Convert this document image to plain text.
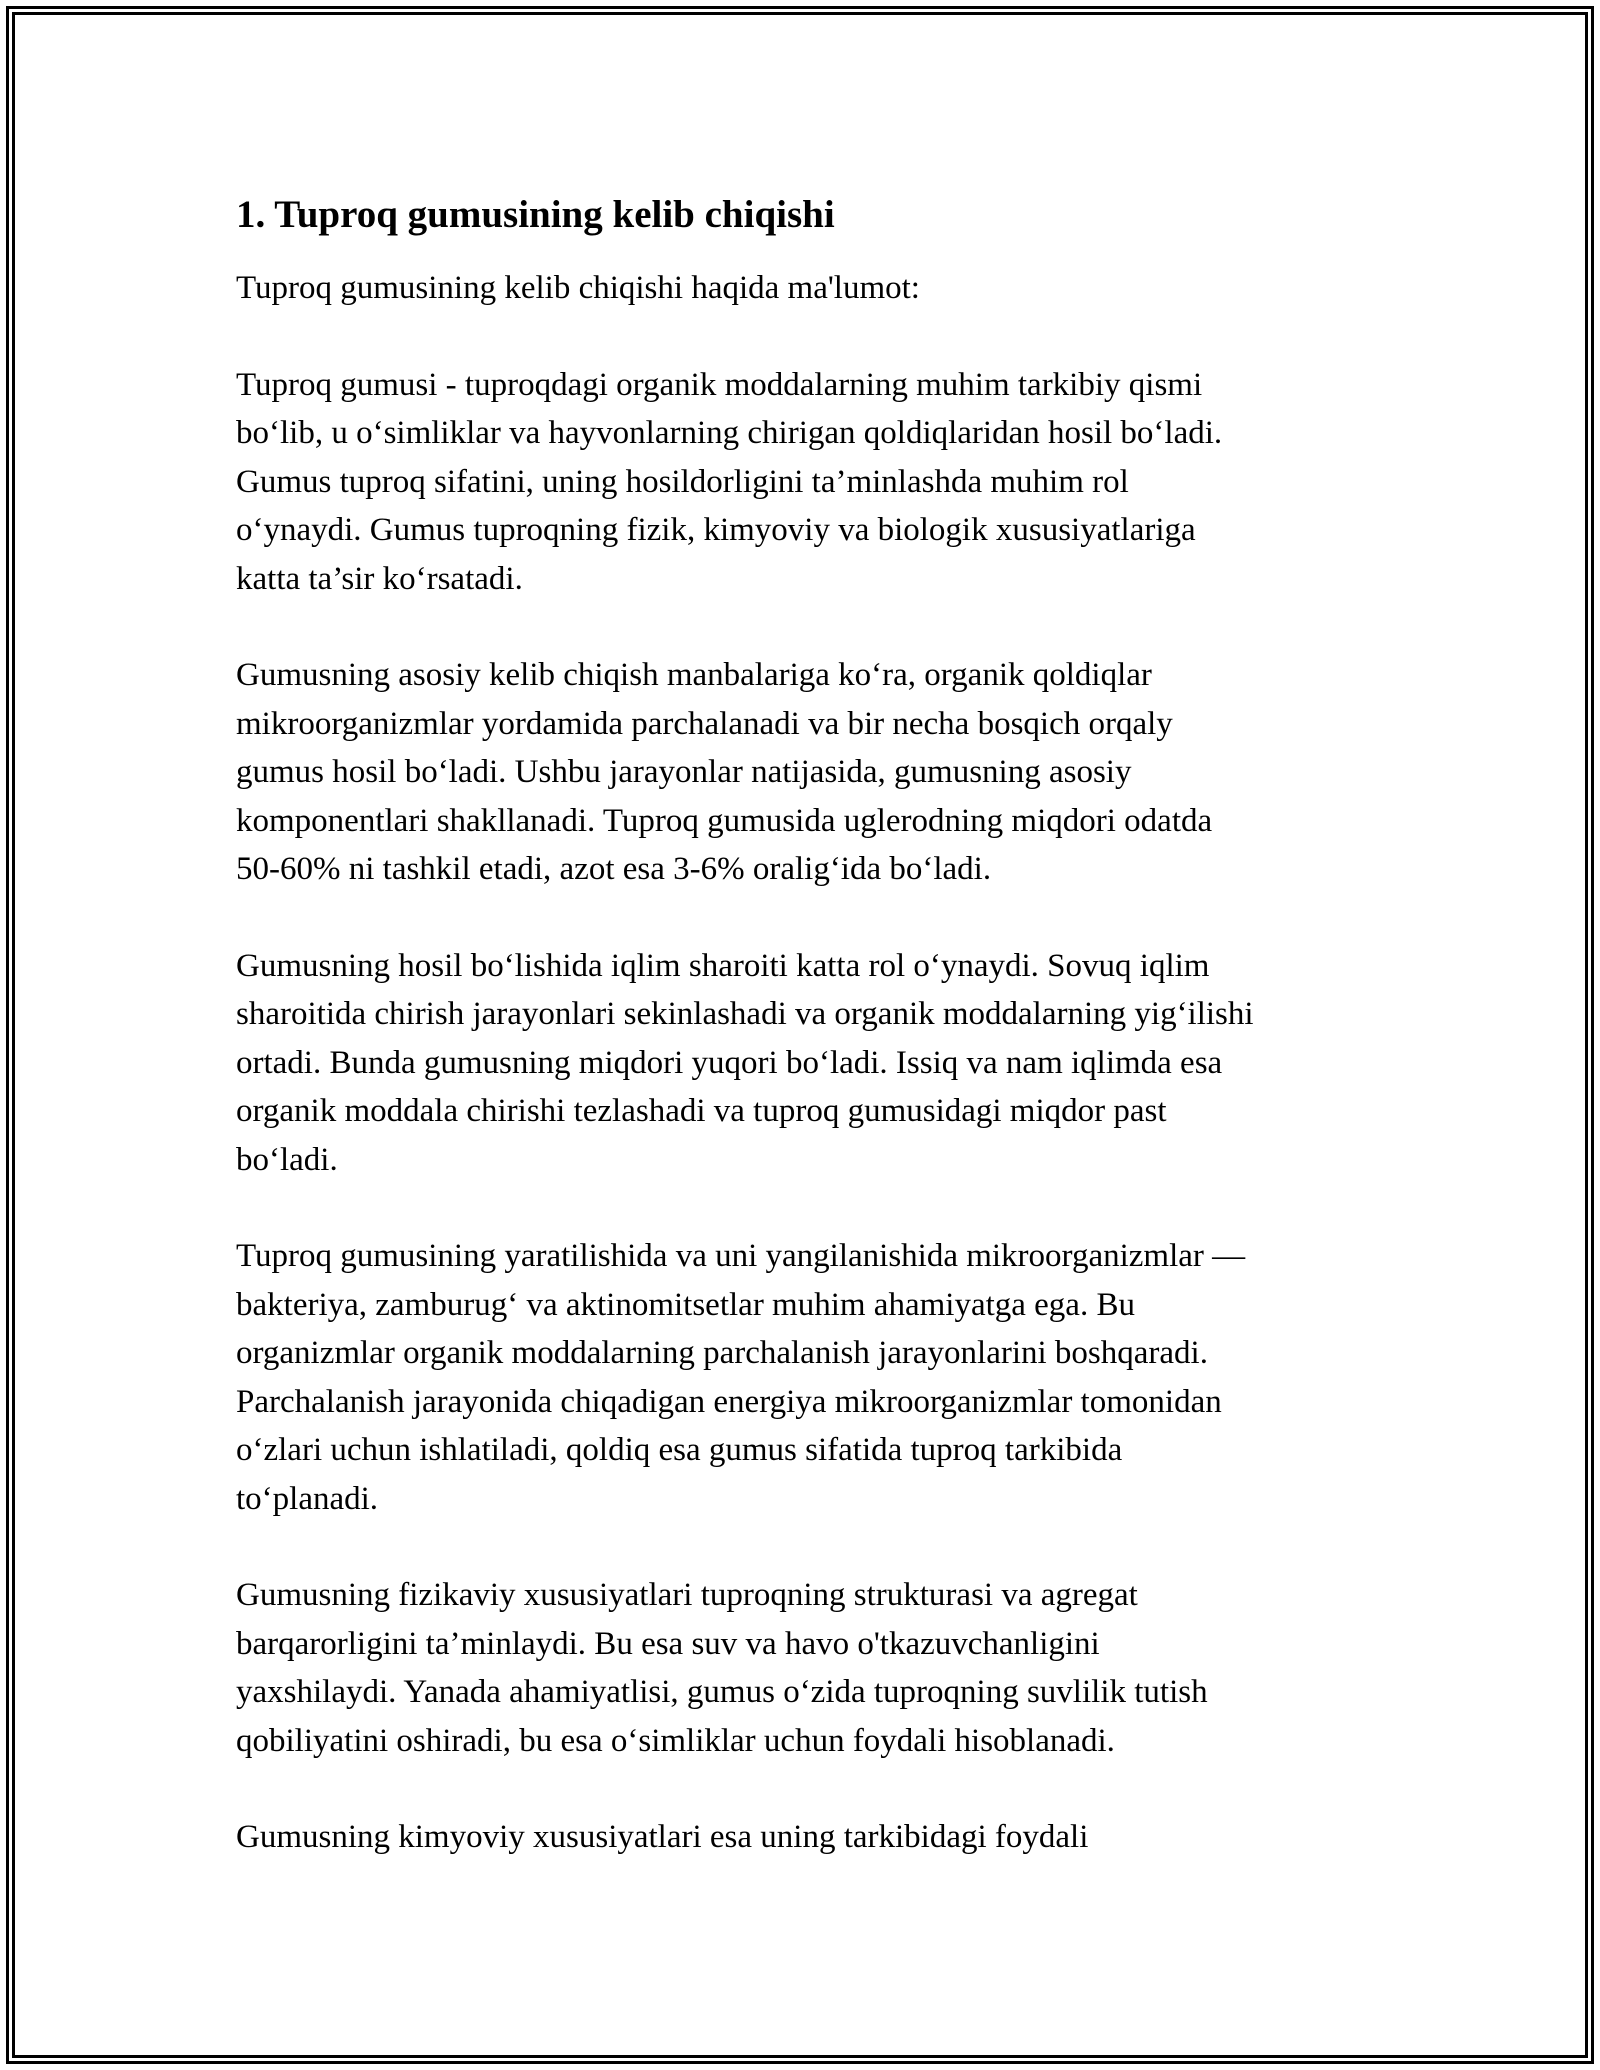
1. Tuproq gumusining kelib chiqishi

Tuproq gumusining kelib chiqishi haqida ma'lumot:

Tuproq gumusi - tuproqdagi organik moddalarning muhim tarkibiy qismi
bo‘lib, u o‘simliklar va hayvonlarning chirigan qoldiqlaridan hosil bo‘ladi.
Gumus tuproq sifatini, uning hosildorligini ta’minlashda muhim rol
o‘ynaydi. Gumus tuproqning fizik, kimyoviy va biologik xususiyatlariga
katta ta’sir ko‘rsatadi.

Gumusning asosiy kelib chiqish manbalariga ko‘ra, organik qoldiqlar
mikroorganizmlar yordamida parchalanadi va bir necha bosqich orqaly
gumus hosil bo‘ladi. Ushbu jarayonlar natijasida, gumusning asosiy
komponentlari shakllanadi. Tuproq gumusida uglerodning miqdori odatda
50-60% ni tashkil etadi, azot esa 3-6% oralig‘ida bo‘ladi.

Gumusning hosil bo‘lishida iqlim sharoiti katta rol o‘ynaydi. Sovuq iqlim
sharoitida chirish jarayonlari sekinlashadi va organik moddalarning yig‘ilishi
ortadi. Bunda gumusning miqdori yuqori bo‘ladi. Issiq va nam iqlimda esa
organik moddala chirishi tezlashadi va tuproq gumusidagi miqdor past
bo‘ladi.

Tuproq gumusining yaratilishida va uni yangilanishida mikroorganizmlar —
bakteriya, zamburug‘ va aktinomitsetlar muhim ahamiyatga ega. Bu
organizmlar organik moddalarning parchalanish jarayonlarini boshqaradi.
Parchalanish jarayonida chiqadigan energiya mikroorganizmlar tomonidan
o‘zlari uchun ishlatiladi, qoldiq esa gumus sifatida tuproq tarkibida
to‘planadi.

Gumusning fizikaviy xususiyatlari tuproqning strukturasi va agregat
barqarorligini ta’minlaydi. Bu esa suv va havo o'tkazuvchanligini
yaxshilaydi. Yanada ahamiyatlisi, gumus o‘zida tuproqning suvlilik tutish
qobiliyatini oshiradi, bu esa o‘simliklar uchun foydali hisoblanadi.

Gumusning kimyoviy xususiyatlari esa uning tarkibidagi foydali
